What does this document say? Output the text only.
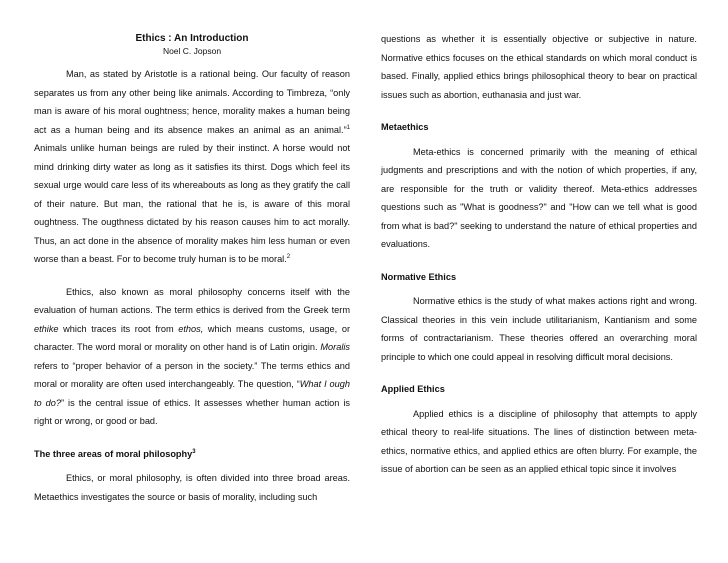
Ethics : An Introduction
Noel C. Jopson

Man, as stated by Aristotle is a rational being. Our faculty of reason separates us from any other being like animals. According to Timbreza, “only man is aware of his moral oughtness; hence, morality makes a human being act as a human being and its absence makes an animal as an animal.”$^1$ Animals unlike human beings are ruled by their instinct. A horse would not mind drinking dirty water as long as it satisfies its thirst. Dogs which feel its sexual urge would care less of its whereabouts as long as they gratify the call of their nature. But man, the rational that he is, is aware of this moral oughtness. The ougthness dictated by his reason causes him to act morally. Thus, an act done in the absence of morality makes him less human or even worse than a beast. For to become truly human is to be moral.$^2$

Ethics, also known as moral philosophy concerns itself with the evaluation of human actions. The term ethics is derived from the Greek term ethike which traces its root from ethos, which means customs, usage, or character. The word moral or morality on other hand is of Latin origin. Moralis refers to “proper behavior of a person in the society.” The terms ethics and moral or morality are often used interchangeably. The question, “What I ough to do?” is the central issue of ethics. It assesses whether human action is right or wrong, or good or bad.

The three areas of moral philosophy$^3$

Ethics, or moral philosophy, is often divided into three broad areas. Metaethics investigates the source or basis of morality, including such

questions as whether it is essentially objective or subjective in nature. Normative ethics focuses on the ethical standards on which moral conduct is based. Finally, applied ethics brings philosophical theory to bear on practical issues such as abortion, euthanasia and just war.

Metaethics

Meta-ethics is concerned primarily with the meaning of ethical judgments and prescriptions and with the notion of which properties, if any, are responsible for the truth or validity thereof. Meta-ethics addresses questions such as "What is goodness?" and "How can we tell what is good from what is bad?" seeking to understand the nature of ethical properties and evaluations.

Normative Ethics

Normative ethics is the study of what makes actions right and wrong. Classical theories in this vein include utilitarianism, Kantianism and some forms of contractarianism. These theories offered an overarching moral principle to which one could appeal in resolving difficult moral decisions.

Applied Ethics

Applied ethics is a discipline of philosophy that attempts to apply ethical theory to real-life situations. The lines of distinction between meta-ethics, normative ethics, and applied ethics are often blurry. For example, the issue of abortion can be seen as an applied ethical topic since it involves
